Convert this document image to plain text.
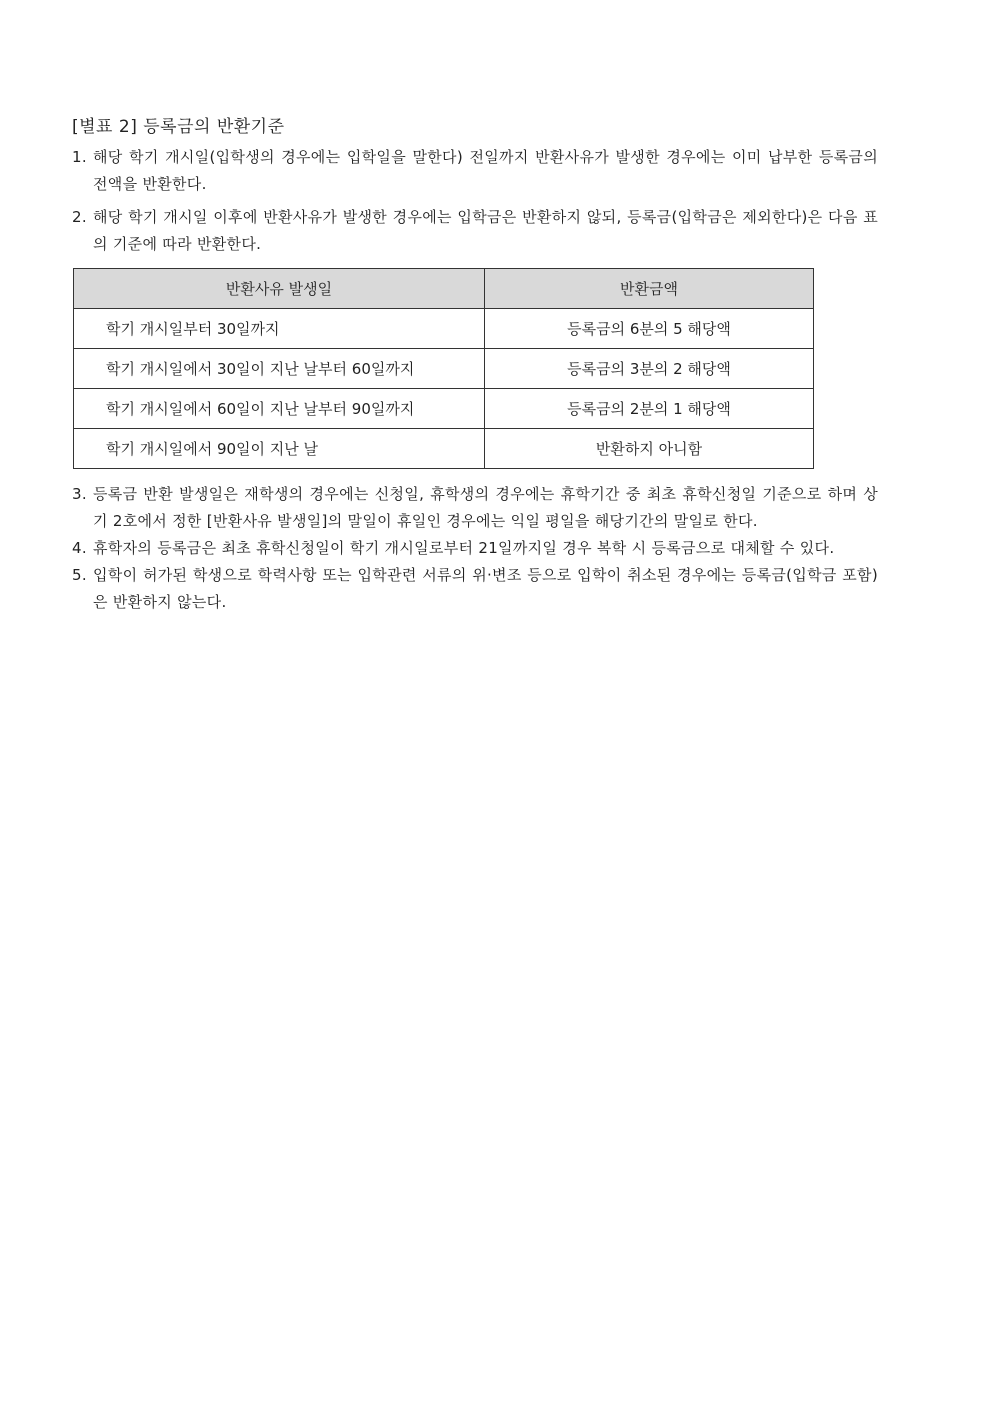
[별표 2] 등록금의 반환기준

1. 해당 학기 개시일(입학생의 경우에는 입학일을 말한다) 전일까지 반환사유가 발생한 경우에는 이미 납부한 등록금의 전액을 반환한다.

2. 해당 학기 개시일 이후에 반환사유가 발생한 경우에는 입학금은 반환하지 않되, 등록금(입학금은 제외한다)은 다음 표의 기준에 따라 반환한다.

반환사유 발생일	반환금액
학기 개시일부터 30일까지	등록금의 6분의 5 해당액
학기 개시일에서 30일이 지난 날부터 60일까지	등록금의 3분의 2 해당액
학기 개시일에서 60일이 지난 날부터 90일까지	등록금의 2분의 1 해당액
학기 개시일에서 90일이 지난 날	반환하지 아니함

3. 등록금 반환 발생일은 재학생의 경우에는 신청일, 휴학생의 경우에는 휴학기간 중 최초 휴학신청일 기준으로 하며 상기 2호에서 정한 [반환사유 발생일]의 말일이 휴일인 경우에는 익일 평일을 해당기간의 말일로 한다.

4. 휴학자의 등록금은 최초 휴학신청일이 학기 개시일로부터 21일까지일 경우 복학 시 등록금으로 대체할 수 있다.

5. 입학이 허가된 학생으로 학력사항 또는 입학관련 서류의 위·변조 등으로 입학이 취소된 경우에는 등록금(입학금 포함)은 반환하지 않는다.
